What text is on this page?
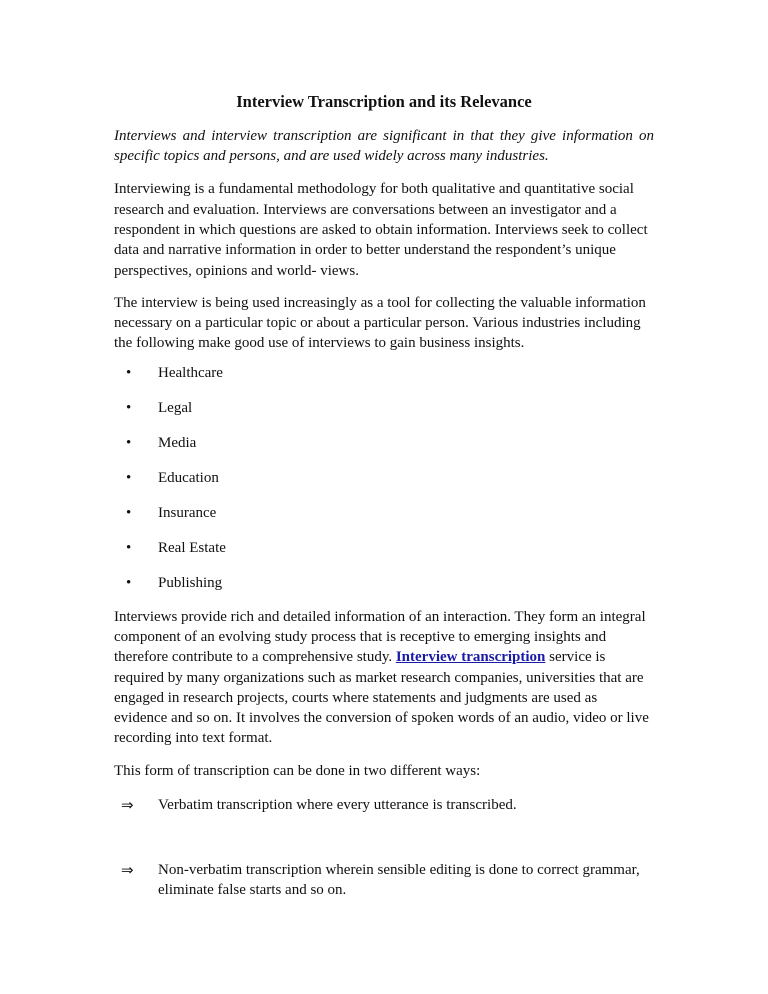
Interview Transcription and its Relevance
Interviews and interview transcription are significant in that they give information on
specific topics and persons, and are used widely across many industries.
Interviewing is a fundamental methodology for both qualitative and quantitative social
research and evaluation. Interviews are conversations between an investigator and a
respondent in which questions are asked to obtain information. Interviews seek to collect
data and narrative information in order to better understand the respondent’s unique
perspectives, opinions and world- views.
The interview is being used increasingly as a tool for collecting the valuable information
necessary on a particular topic or about a particular person. Various industries including
the following make good use of interviews to gain business insights.
• Healthcare
• Legal
• Media
• Education
• Insurance
• Real Estate
• Publishing
Interviews provide rich and detailed information of an interaction. They form an integral
component of an evolving study process that is receptive to emerging insights and
therefore contribute to a comprehensive study. Interview transcription service is
required by many organizations such as market research companies, universities that are
engaged in research projects, courts where statements and judgments are used as
evidence and so on. It involves the conversion of spoken words of an audio, video or live
recording into text format.
This form of transcription can be done in two different ways:
⇒ Verbatim transcription where every utterance is transcribed.
⇒ Non-verbatim transcription wherein sensible editing is done to correct grammar,
eliminate false starts and so on.
